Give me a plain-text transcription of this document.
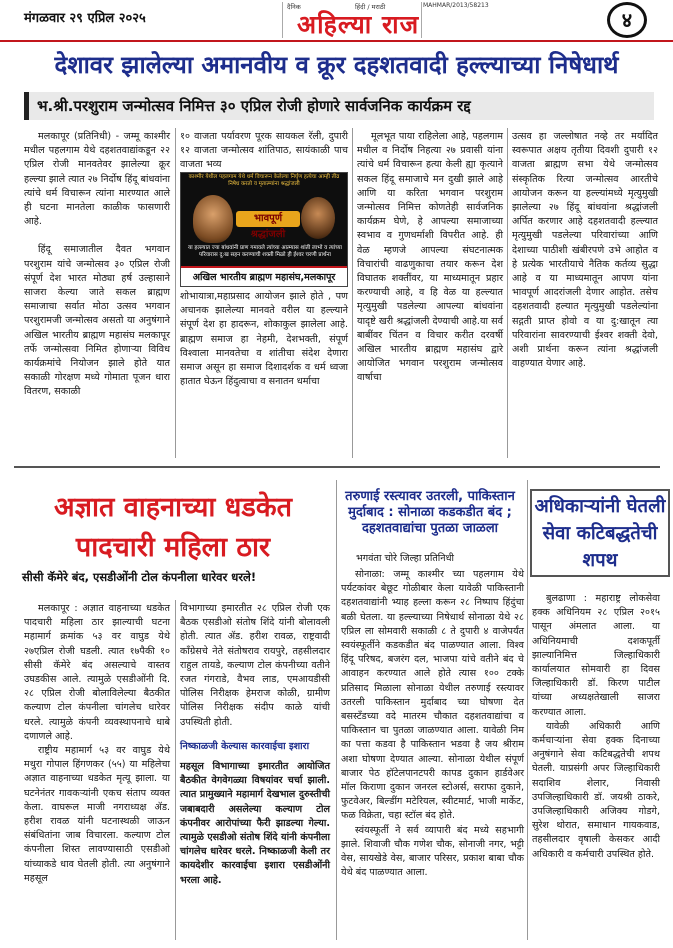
मंगळवार २९ एप्रिल २०२५
दैनिक
अहिल्या राज
हिंदी / मराठी	MAHMAR/2013/58213
४
देशावर झालेल्या अमानवीय व क्रूर दहशतवादी हल्ल्याच्या निषेधार्थ
भ.श्री.परशुराम जन्मोत्सव निमित्त ३० एप्रिल रोजी होणारे सार्वजनिक कार्यक्रम रद्द

मलकापूर (प्रतिनिधी) - जम्मू काश्मीर मधील पहलगाम येथे दहशतवाद्यांकडून २२ एप्रिल रोजी मानवतेवर झालेल्या क्रूर हल्ल्या झाले त्यात २७ निर्दोष हिंदू बांधवांना त्यांचे धर्म विचारून त्यांना मारण्यात आले ही घटना मानतेला काळीक फासणारी आहे.

हिंदू समाजातील दैवत भगवान परशुराम यांचे जन्मोत्सव ३० एप्रिल रोजी संपूर्ण देश भारत मोठ्या हर्ष उल्हासाने साजरा केल्या जाते सकल ब्राह्मण समाजाचा सर्वात मोठा उत्सव भगवान परशुरामजी जन्मोत्सव असतो या अनुषंगाने अखिल भारतीय ब्राह्मण महासंघ मलकापूर तर्फे जन्मोत्सवा निमित होणाऱ्या विविध कार्यक्रमांचे नियोजन झाले होते यात सकाळी गोरक्षण मध्ये गोमाता पूजन धारा वितरण, सकाळी

१० वाजता पर्यावरण पूरक सायकल रॅली, दुपारी १२ वाजता जन्मोत्सव शांतिपाठ, सायंकाळी पाच वाजता भव्य
काश्मीर येथील पहलगाम येथे धर्म विचारून केलेल्या निर्घृण हत्येचा आम्ही तीव्र निषेध करतो व मृतात्म्यांना श्रद्धांजली
भावपूर्ण श्रद्धांजली
या हल्ल्यात ज्या बांधवांनी प्राण गमावले त्यांच्या आत्म्यास शांती लाभो व त्यांच्या परिवारास दु:ख सहन करण्याची शक्ती मिळो ही ईश्वर चरणी प्रार्थना
अखिल भारतीय ब्राह्मण महासंघ,मलकापूर
शोभायात्रा,महाप्रसाद आयोजन झाले होते , पण अचानक झालेल्या मानवते वरील या हल्ल्याने संपूर्ण देश हा हादरून, शोकाकुल झालेला आहे. ब्राह्मण समाज हा नेहमी, देशभक्ती, संपूर्ण विश्वाला मानवतेचा व शांतीचा संदेश देणारा समाज असून हा समाज दिशादर्शक व धर्म ध्वजा हातात घेऊन हिंदुत्वाचा व सनातन धर्माचा

मूलभूत पाया राहिलेला आहे, पहलगाम मधील व निर्दोष निहत्या २७ प्रवासी यांना त्यांचे धर्म विचारून हत्या केली ह्या कृत्याने सकल हिंदू समाजाचे मन दुखी झाले आहे आणि या करिता भगवान परशुराम जन्मोत्सव निमित्त कोणतेही सार्वजनिक कार्यक्रम घेणे, हे आपल्या समाजाच्या स्वभाव व गुणधर्माशी विपरीत आहे. ही वेळ म्हणजे आपल्या संघटनात्मक विचारांची वाढणुकाचा तयार करून देश विघातक शक्तींवर, या माध्यमातून प्रहार करण्याची आहे, व हि वेळ या हल्ल्यात मृत्युमुखी पडलेल्या आपल्या बांधवांना यादृष्टे खरी श्रद्धांजली देण्याची आहे.या सर्व बाबींवर चिंतन व विचार करीत दरवर्षी अखिल भारतीय ब्राह्मण महासंघ द्वारे आयोजित भगवान परशुराम जन्मोत्सव वार्षाचा

उत्सव हा जल्लोषात नव्हे तर मर्यादित स्वरूपात अक्षय तृतीया दिवशी दुपारी १२ वाजता ब्राह्मण सभा येथे जन्मोत्सव संस्कृतिक रित्या जन्मोत्सव आरतीचे आयोजन करून या हल्ल्यांमध्ये मृत्युमुखी झालेल्या २७ हिंदू बांधवांना श्रद्धांजली अर्पित करणार आहे दहशतवादी हल्ल्यात मृत्युमुखी पडलेल्या परिवारांच्या आणि देशाच्या पाठीशी खंबीरपणे उभे आहोत व हे प्रत्येक भारतीयाचे नैतिक कर्तव्य सुद्धा आहे व या माध्यमातून आपण यांना भावपूर्ण आदरांजली देणार आहोत. तसेच दहशतवादी हल्यात मृत्युमुखी पडलेल्यांना सद्गती प्राप्त होवो व या दु:खातून त्या परिवारांना सावरण्याची ईश्वर शक्ती देवो, अशी प्रार्थना करून त्यांना श्रद्धांजली वाहण्यात येणार आहे.
अज्ञात वाहनाच्या धडकेत
पादचारी महिला ठार
सीसी कॅमेरे बंद, एसडीओंनी टोल कंपनीला धारेवर धरले!

मलकापूर : अज्ञात वाहनाच्या धडकेत पादचारी महिला ठार झाल्याची घटना महामार्ग क्रमांक ५३ वर वाघुड येथे २७एप्रिल रोजी घडली. त्यात १७पैकी १० सीसी कॅमेरे बंद असल्याचे वास्तव उघडकीस आले. त्यामुळे एसडीओंनी दि. २८ एप्रिल रोजी बोलाविलेल्या बैठकीत कल्याण टोल कंपनीला चांगलेच धारेवर धरले. त्यामुळे कंपनी व्यवस्थापनाचे धाबे दणाणले आहे.

राष्ट्रीय महामार्ग ५३ वर वाघुड येथे मथुरा गोपाल हिंगणकर (५५) या महिलेचा अज्ञात वाहनाच्या धडकेत मृत्यू झाला. या घटनेनंतर गावकऱ्यांनी एकच संताप व्यक्त केला. वाघरूल माजी नगराध्यक्ष ॲड. हरीश रावळ यांनी घटनास्थळी जाऊन संबंधितांना जाब विचारला. कल्याण टोल कंपनीला शिस्त लावण्यासाठी एसडीओ यांच्याकडे धाव घेतली होती. त्या अनुषंगाने महसूल

विभागाच्या इमारतीत २८ एप्रिल रोजी एक बैठक एसडीओ संतोष शिंदे यांनी बोलावली होती. त्यात ॲड. हरीश रावळ, राष्ट्रवादी काँग्रेसचे नेते संतोषराव रायपुरे, तहसीलदार राहुल तायडे, कल्याण टोल कंपनीच्या वतीने रजत गंगराडे, वैभव लाड, एमआयडीसी पोलिस निरीक्षक हेमराज कोळी, ग्रामीण पोलिस निरीक्षक संदीप काळे यांची उपस्थिती होती.

निष्काळजी केल्यास कारवाईचा इशारा

महसूल विभागाच्या इमारतीत आयोजित बैठकीत वेगवेगळ्या विषयांवर चर्चा झाली. त्यात प्रामुख्याने महामार्ग देखभाल दुरुस्तीची जबाबदारी असलेल्या कल्याण टोल कंपनीवर आरोपांच्या फैरी झाडल्या गेल्या. त्यामुळे एसडीओ संतोष शिंदे यांनी कंपनीला चांगलेच धारेवर धरले. निष्काळजी केली तर कायदेशीर कारवाईचा इशारा एसडीओंनी भरला आहे.

तरुणाई रस्त्यावर उतरली, पाकिस्तान मुर्दाबाद : सोनाळा कडकडीत बंद ; दहशतवाद्यांचा पुतळा जाळला
भगवंता चोरे जिल्हा प्रतिनिधी

सोनाळा: जम्मू काश्मीर च्या पहलगाम येथे पर्यटकांवर बेछूट गोळीबार केला यावेळी पाकिस्तानी दहशतवाद्यांनी भ्याह हल्ला करून २८ निष्पाप हिंदुंचा बळी घेतला. या हल्ल्याच्या निषेधार्थ सोनाळा येथे २८ एप्रिल ला सोमवारी सकाळी ८ ते दुपारी ४ वाजेपर्यंत स्वयंस्फूर्तीने कडकडीत बंद पाळण्यात आला. विश्व हिंदू परिषद, बजरंग दल, भाजपा यांचे वतीने बंद चे आवाहन करण्यात आले होते त्यास १०० टक्के प्रतिसाद मिळाला सोनाळा येथील तरुणाई रस्त्यावर उतरली पाकिस्तान मुर्दाबाद च्या घोषणा देत बसस्टँडच्या वदे मातरम चौकात दहशतवाद्यांचा व पाकिस्तान चा पुतळा जाळण्यात आला. यावेळी निम का पत्ता कडवा है पाकिस्तान भडवा है जय श्रीराम अशा घोषणा देण्यात आल्या. सोनाळा येथील संपूर्ण बाजार पेठ हॉटेलपानटपरी कापड दुकान हार्डवेअर मॉल किराणा दुकान जनरल स्टोअर्स, सराफा दुकाने, फुटवेअर, बिल्डींग मटेरियल, स्वीटमार्ट, भाजी मार्केट, फळ विक्रेता, चहा स्टॉल बंद होते.

स्वंयस्फूर्ती ने सर्व व्यापारी बंद मध्ये सहभागी झाले. शिवाजी चौक गणेश चौक, सोनाजी नगर, भट्टी वेस, सायखेडे वेस, बाजार परिसर, प्रकाश बाबा चौक येथे बंद पाळण्यात आला.

अधिकाऱ्यांनी घेतली सेवा कटिबद्धतेची शपथ

बुलढाणा : महाराष्ट्र लोकसेवा हक्क अधिनियम २८ एप्रिल २०१५ पासून अंमलात आला. या अधिनियमाची दशकपूर्ती झाल्यानिमित्त जिल्हाधिकारी कार्यालयात सोमवारी हा दिवस जिल्हाधिकारी डॉ. किरण पाटील यांच्या अध्यक्षतेखाली साजरा करण्यात आला.

यावेळी अधिकारी आणि कर्मचाऱ्यांना सेवा हक्क दिनाच्या अनुषंगाने सेवा कटिबद्धतेची शपथ घेतली. याप्रसंगी अपर जिल्हाधिकारी सदाशिव शेलार, निवासी उपजिल्हाधिकारी डॉ. जयश्री ठाकरे, उपजिल्हाधिकारी अजिक्य गोडगे, सुरेश थोरात, समाधान गायकवाड, तहसीलदार वृषाली केसकर आदी अधिकारी व कर्मचारी उपस्थित होते.
